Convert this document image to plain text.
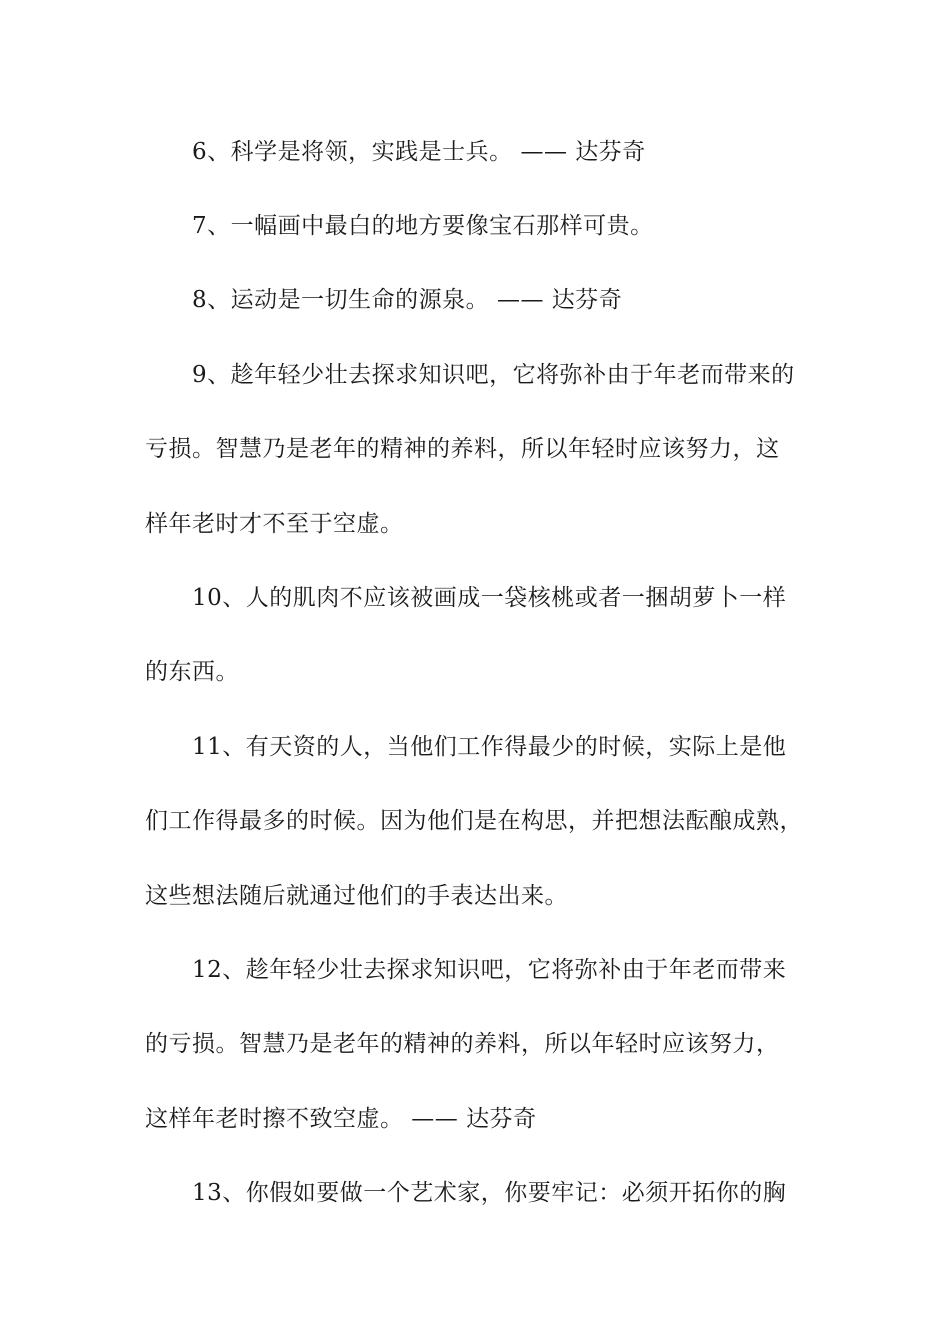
6、科学是将领，实践是士兵。 —— 达芬奇
7、一幅画中最白的地方要像宝石那样可贵。
8、运动是一切生命的源泉。 —— 达芬奇
9、趁年轻少壮去探求知识吧，它将弥补由于年老而带来的
亏损。智慧乃是老年的精神的养料，所以年轻时应该努力，这
样年老时才不至于空虚。
10、人的肌肉不应该被画成一袋核桃或者一捆胡萝卜一样
的东西。
11、有天资的人，当他们工作得最少的时候，实际上是他
们工作得最多的时候。因为他们是在构思，并把想法酝酿成熟，
这些想法随后就通过他们的手表达出来。
12、趁年轻少壮去探求知识吧，它将弥补由于年老而带来
的亏损。智慧乃是老年的精神的养料，所以年轻时应该努力，
这样年老时擦不致空虚。 —— 达芬奇
13、你假如要做一个艺术家，你要牢记：必须开拓你的胸
